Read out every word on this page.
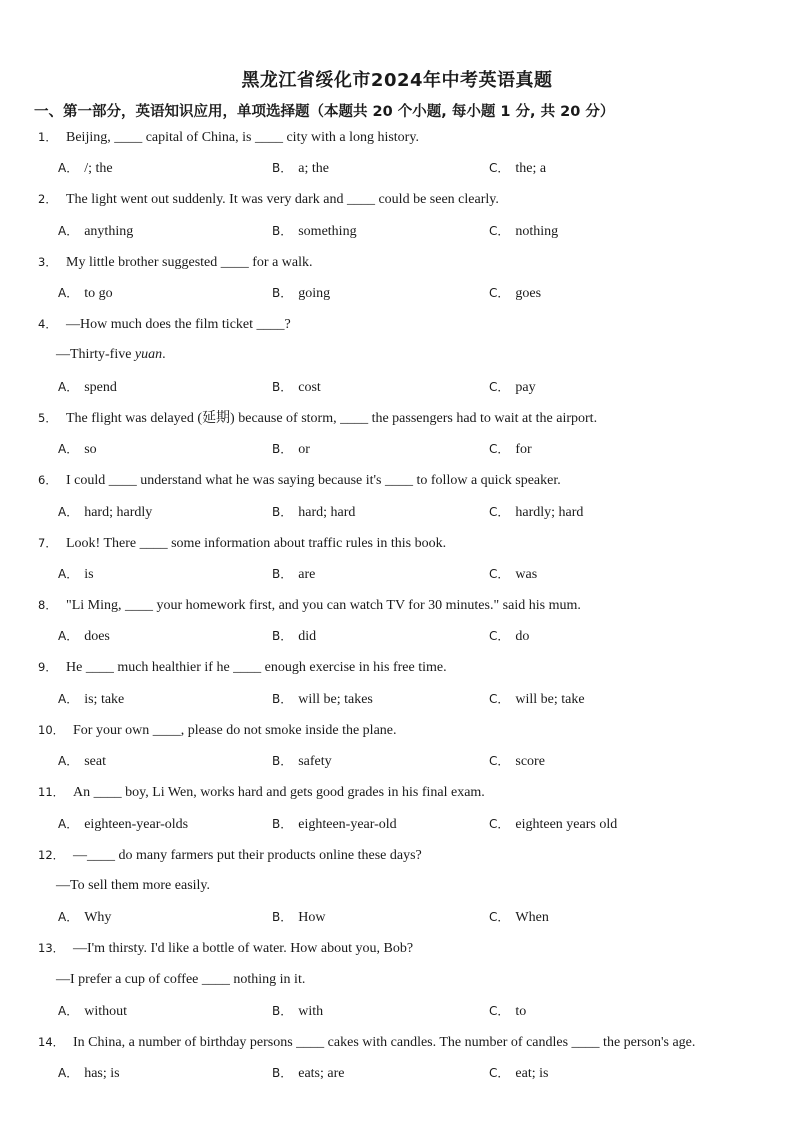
黑龙江省绥化市2024年中考英语真题
一、第一部分，英语知识应用，单项选择题（本题共 20 个小题, 每小题 1 分, 共 20 分）
1． Beijing, ____ capital of China, is ____ city with a long history.
A． /; the	B． a; the	C． the; a
2． The light went out suddenly. It was very dark and ____ could be seen clearly.
A． anything	B． something	C． nothing
3． My little brother suggested ____ for a walk.
A． to go	B． going	C． goes
4． —How much does the film ticket ____?
—Thirty-five yuan.
A． spend	B． cost	C． pay
5． The flight was delayed (延期) because of storm, ____ the passengers had to wait at the airport.
A． so	B． or	C． for
6． I could ____ understand what he was saying because it's ____ to follow a quick speaker.
A． hard; hardly	B． hard; hard	C． hardly; hard
7． Look! There ____ some information about traffic rules in this book.
A． is	B． are	C． was
8． "Li Ming, ____ your homework first, and you can watch TV for 30 minutes." said his mum.
A． does	B． did	C． do
9． He ____ much healthier if he ____ enough exercise in his free time.
A． is; take	B． will be; takes	C． will be; take
10． For your own ____, please do not smoke inside the plane.
A． seat	B． safety	C． score
11． An ____ boy, Li Wen, works hard and gets good grades in his final exam.
A． eighteen-year-olds	B． eighteen-year-old	C． eighteen years old
12． —____ do many farmers put their products online these days?
—To sell them more easily.
A． Why	B． How	C． When
13． —I'm thirsty. I'd like a bottle of water. How about you, Bob?
—I prefer a cup of coffee ____ nothing in it.
A． without	B． with	C． to
14． In China, a number of birthday persons ____ cakes with candles. The number of candles ____ the person's age.
A． has; is	B． eats; are	C． eat; is
